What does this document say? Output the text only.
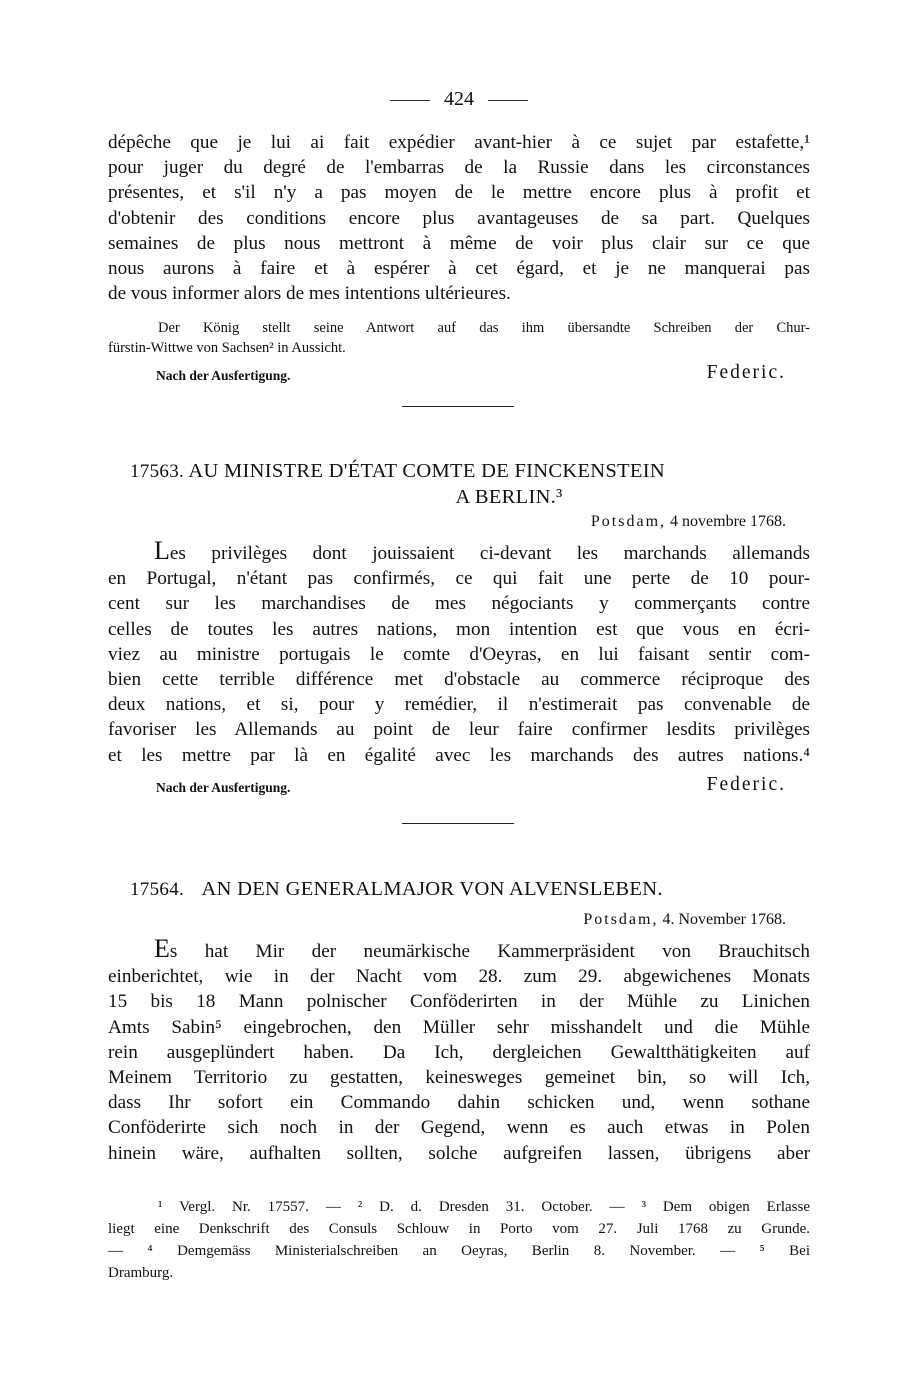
424
dépêche que je lui ai fait expédier avant-hier à ce sujet par estafette,¹
pour juger du degré de l'embarras de la Russie dans les circonstances
présentes, et s'il n'y a pas moyen de le mettre encore plus à profit et
d'obtenir des conditions encore plus avantageuses de sa part. Quelques
semaines de plus nous mettront à même de voir plus clair sur ce que
nous aurons à faire et à espérer à cet égard, et je ne manquerai pas
de vous informer alors de mes intentions ultérieures.
Der König stellt seine Antwort auf das ihm übersandte Schreiben der Chur-
fürstin-Wittwe von Sachsen² in Aussicht.
Nach der Ausfertigung.	Federic.
17563. AU MINISTRE D'ÉTAT COMTE DE FINCKENSTEIN
A BERLIN.³
Potsdam, 4 novembre 1768.
Les privilèges dont jouissaient ci-devant les marchands allemands
en Portugal, n'étant pas confirmés, ce qui fait une perte de 10 pour-
cent sur les marchandises de mes négociants y commerçants contre
celles de toutes les autres nations, mon intention est que vous en écri-
viez au ministre portugais le comte d'Oeyras, en lui faisant sentir com-
bien cette terrible différence met d'obstacle au commerce réciproque des
deux nations, et si, pour y remédier, il n'estimerait pas convenable de
favoriser les Allemands au point de leur faire confirmer lesdits privilèges
et les mettre par là en égalité avec les marchands des autres nations.⁴
Nach der Ausfertigung.	Federic.
17564. AN DEN GENERALMAJOR VON ALVENSLEBEN.
Potsdam, 4. November 1768.
Es hat Mir der neumärkische Kammerpräsident von Brauchitsch
einberichtet, wie in der Nacht vom 28. zum 29. abgewichenes Monats
15 bis 18 Mann polnischer Conföderirten in der Mühle zu Linichen
Amts Sabin⁵ eingebrochen, den Müller sehr misshandelt und die Mühle
rein ausgeplündert haben. Da Ich, dergleichen Gewaltthätigkeiten auf
Meinem Territorio zu gestatten, keinesweges gemeinet bin, so will Ich,
dass Ihr sofort ein Commando dahin schicken und, wenn sothane
Conföderirte sich noch in der Gegend, wenn es auch etwas in Polen
hinein wäre, aufhalten sollten, solche aufgreifen lassen, übrigens aber
¹ Vergl. Nr. 17557. — ² D. d. Dresden 31. October. — ³ Dem obigen Erlasse
liegt eine Denkschrift des Consuls Schlouw in Porto vom 27. Juli 1768 zu Grunde.
— ⁴ Demgemäss Ministerialschreiben an Oeyras, Berlin 8. November. — ⁵ Bei
Dramburg.
